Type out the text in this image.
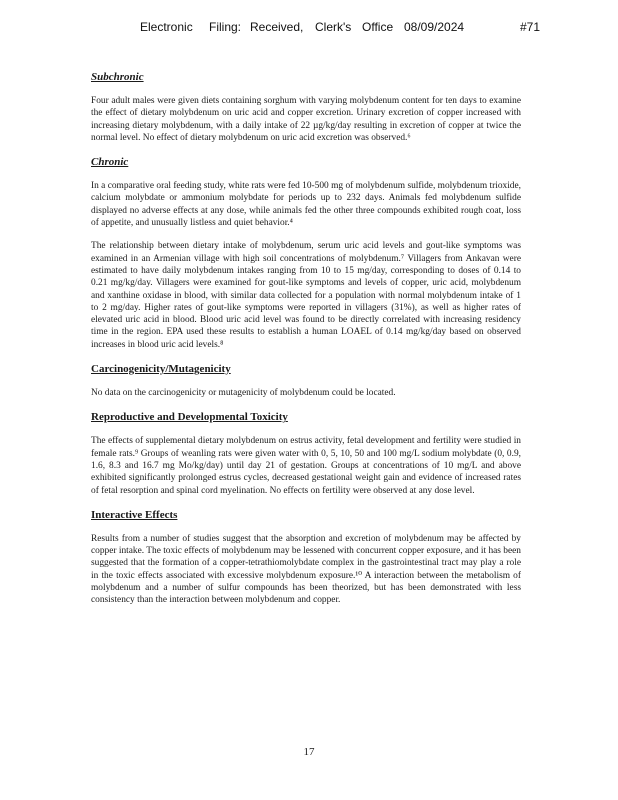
Electronic Filing: Received, Clerk's Office 08/09/2024	#71

Subchronic

Four adult males were given diets containing sorghum with varying molybdenum content for ten days to examine the effect of dietary molybdenum on uric acid and copper excretion. Urinary excretion of copper increased with increasing dietary molybdenum, with a daily intake of 22 µg/kg/day resulting in excretion of copper at twice the normal level. No effect of dietary molybdenum on uric acid excretion was observed.⁶

Chronic

In a comparative oral feeding study, white rats were fed 10-500 mg of molybdenum sulfide, molybdenum trioxide, calcium molybdate or ammonium molybdate for periods up to 232 days. Animals fed molybdenum sulfide displayed no adverse effects at any dose, while animals fed the other three compounds exhibited rough coat, loss of appetite, and unusually listless and quiet behavior.⁴

The relationship between dietary intake of molybdenum, serum uric acid levels and gout-like symptoms was examined in an Armenian village with high soil concentrations of molybdenum.⁷ Villagers from Ankavan were estimated to have daily molybdenum intakes ranging from 10 to 15 mg/day, corresponding to doses of 0.14 to 0.21 mg/kg/day. Villagers were examined for gout-like symptoms and levels of copper, uric acid, molybdenum and xanthine oxidase in blood, with similar data collected for a population with normal molybdenum intake of 1 to 2 mg/day. Higher rates of gout-like symptoms were reported in villagers (31%), as well as higher rates of elevated uric acid in blood. Blood uric acid level was found to be directly correlated with increasing residency time in the region. EPA used these results to establish a human LOAEL of 0.14 mg/kg/day based on observed increases in blood uric acid levels.⁸

Carcinogenicity/Mutagenicity

No data on the carcinogenicity or mutagenicity of molybdenum could be located.

Reproductive and Developmental Toxicity

The effects of supplemental dietary molybdenum on estrus activity, fetal development and fertility were studied in female rats.⁹ Groups of weanling rats were given water with 0, 5, 10, 50 and 100 mg/L sodium molybdate (0, 0.9, 1.6, 8.3 and 16.7 mg Mo/kg/day) until day 21 of gestation. Groups at concentrations of 10 mg/L and above exhibited significantly prolonged estrus cycles, decreased gestational weight gain and evidence of increased rates of fetal resorption and spinal cord myelination. No effects on fertility were observed at any dose level.

Interactive Effects

Results from a number of studies suggest that the absorption and excretion of molybdenum may be affected by copper intake. The toxic effects of molybdenum may be lessened with concurrent copper exposure, and it has been suggested that the formation of a copper-tetrathiomolybdate complex in the gastrointestinal tract may play a role in the toxic effects associated with excessive molybdenum exposure.¹⁰ A interaction between the metabolism of molybdenum and a number of sulfur compounds has been theorized, but has been demonstrated with less consistency than the interaction between molybdenum and copper.

17
